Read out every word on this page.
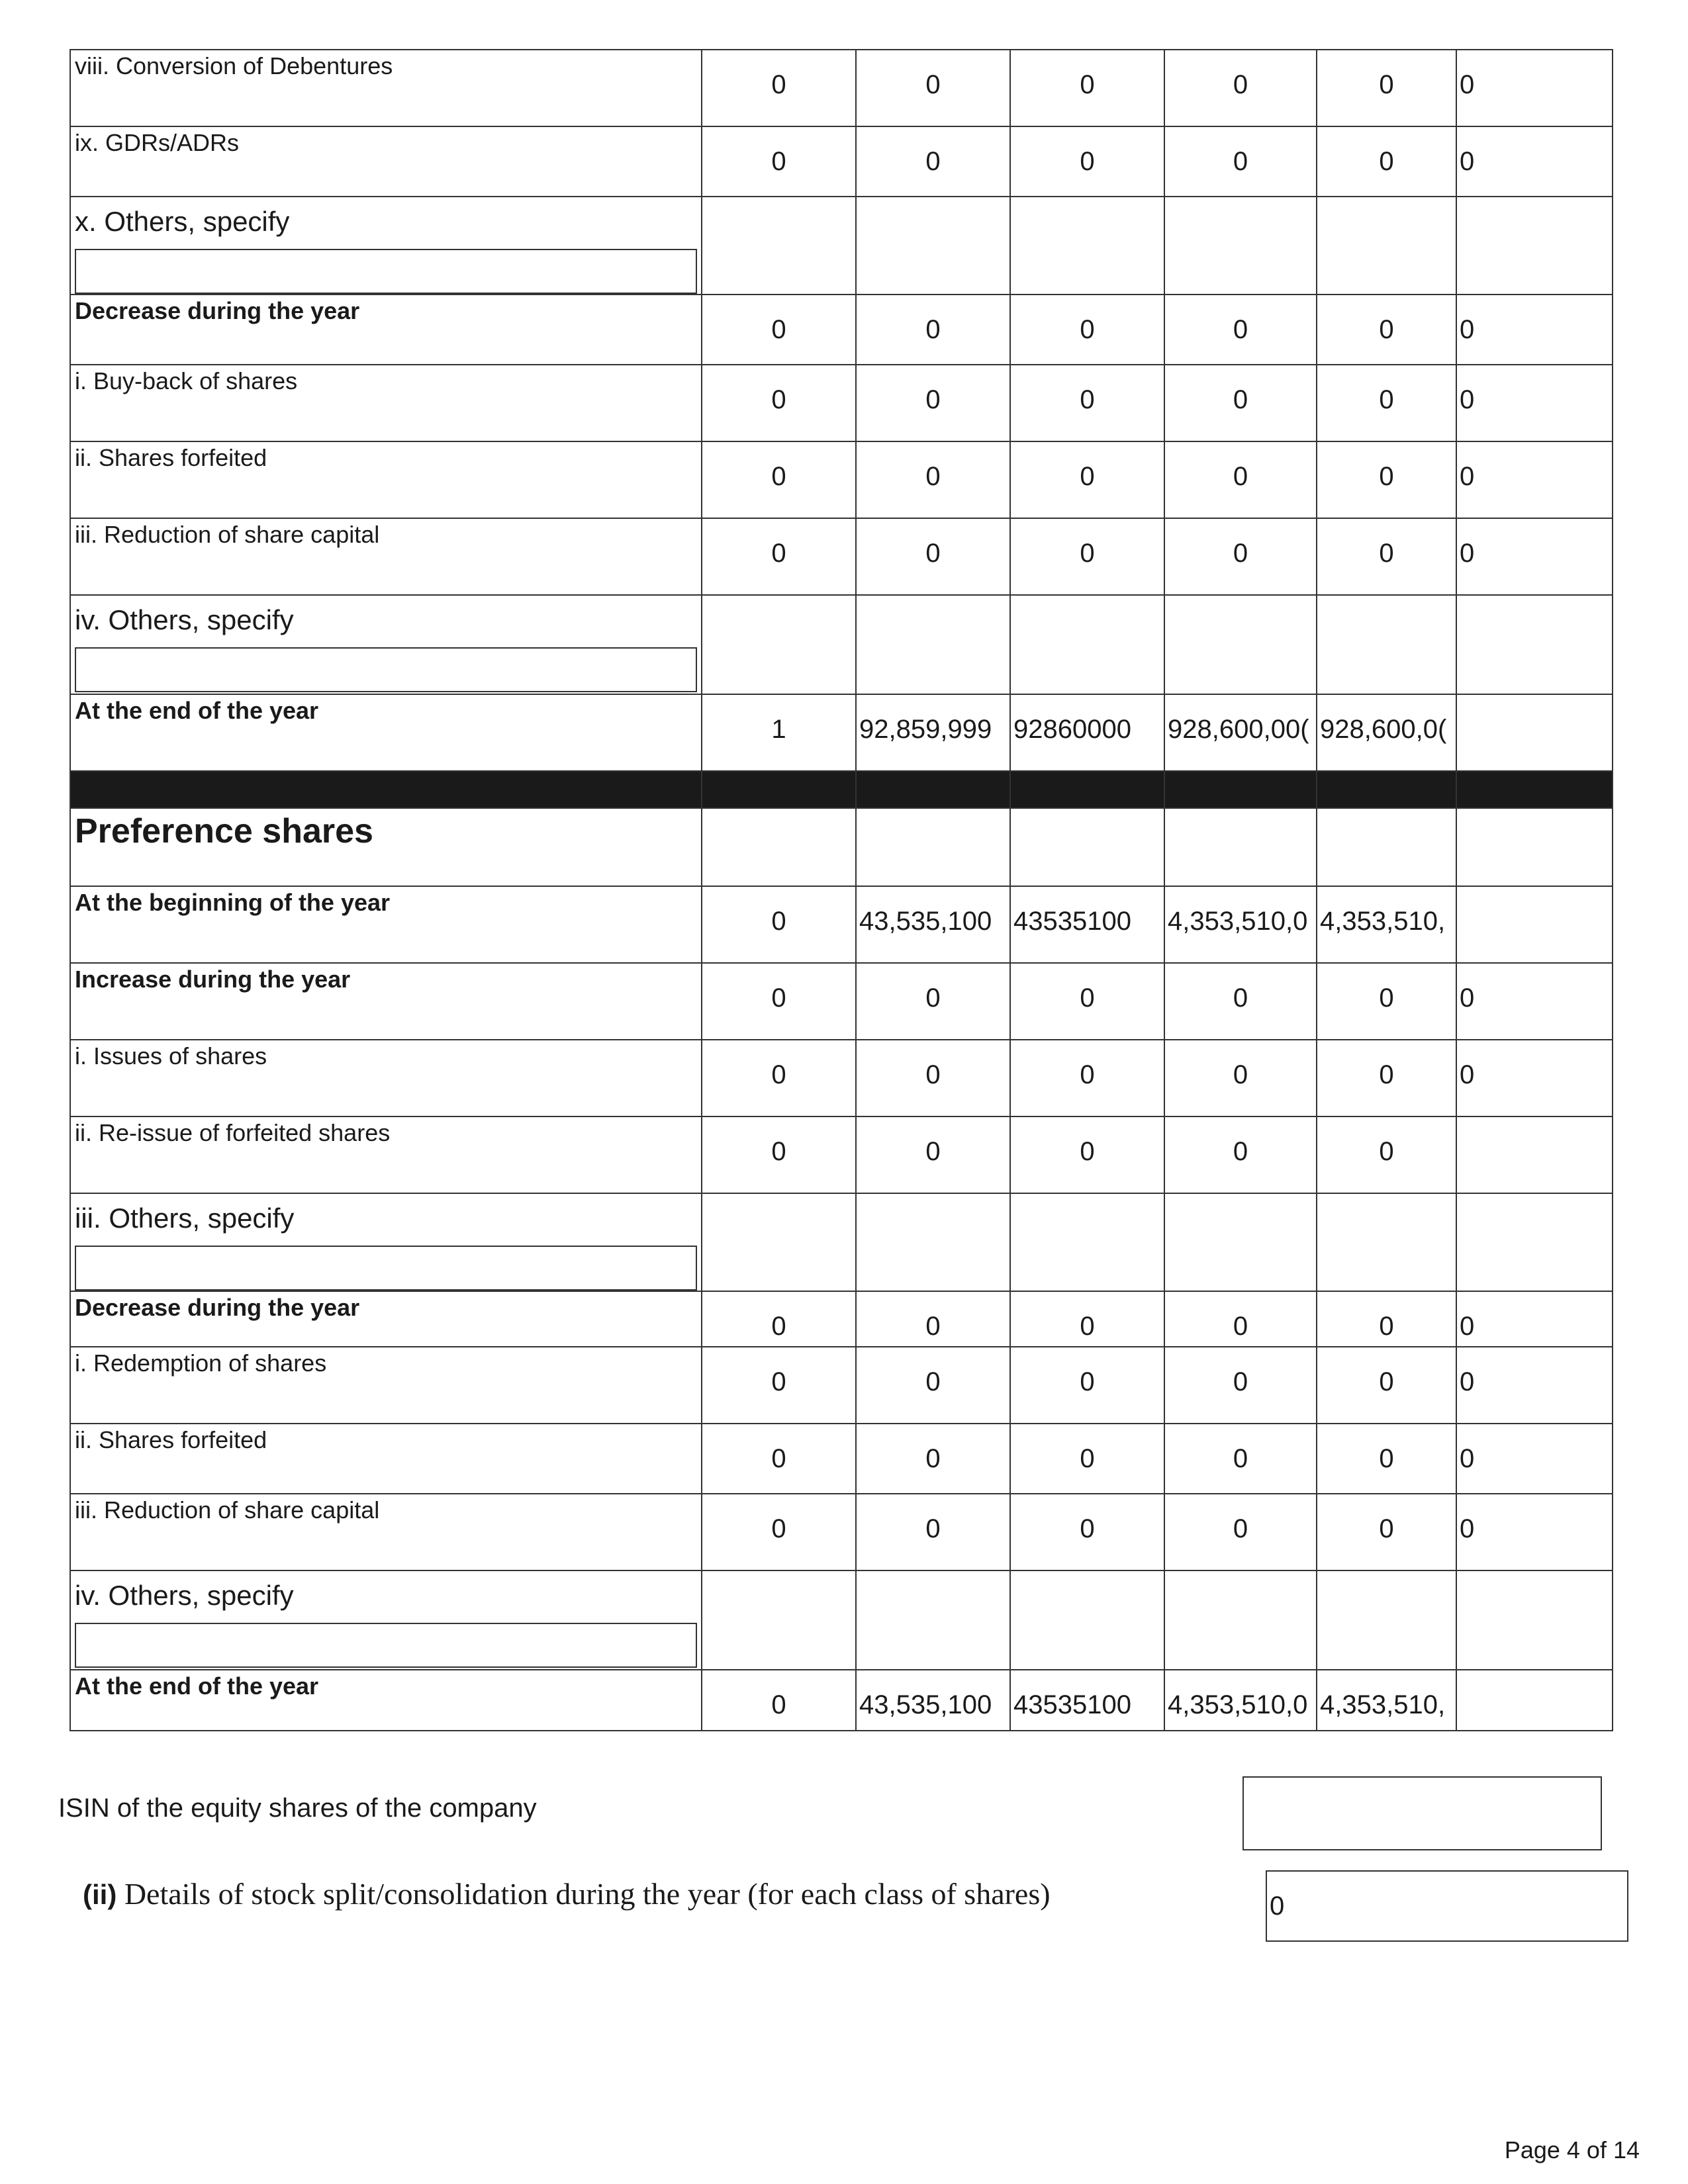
viii. Conversion of Debentures	0	0	0	0	0	0

ix. GDRs/ADRs	0	0	0	0	0	0

x. Others, specify						

Decrease during the year	0	0	0	0	0	0

i. Buy-back of shares	0	0	0	0	0	0

ii. Shares forfeited	0	0	0	0	0	0

iii. Reduction of share capital	0	0	0	0	0	0

iv. Others, specify						

At the end of the year	1	92,859,999	92860000	928,600,00(	928,600,0(	

Preference shares						

At the beginning of the year	0	43,535,100	43535100	4,353,510,0	4,353,510,	

Increase during the year	0	0	0	0	0	0

i. Issues of shares	0	0	0	0	0	0

ii. Re-issue of forfeited shares	0	0	0	0	0	

iii. Others, specify						

Decrease during the year	0	0	0	0	0	0

i. Redemption of shares	0	0	0	0	0	0

ii. Shares forfeited	0	0	0	0	0	0

iii. Reduction of share capital	0	0	0	0	0	0

iv. Others, specify						

At the end of the year	0	43,535,100	43535100	4,353,510,0	4,353,510,	

ISIN of the equity shares of the company
(ii) Details of stock split/consolidation during the year (for each class of shares)	0
Page 4 of 14
